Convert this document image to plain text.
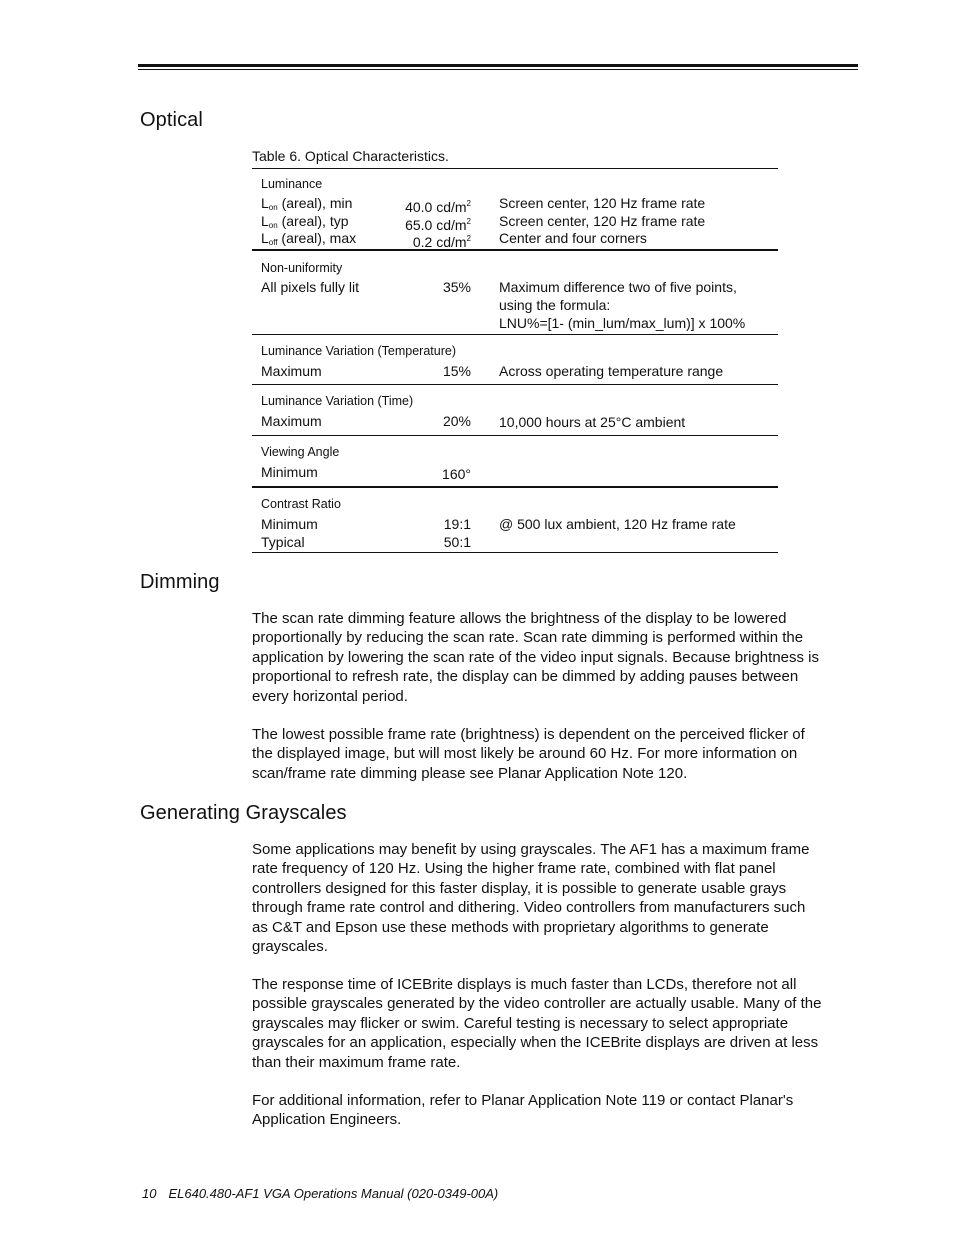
Optical
Table 6. Optical Characteristics.
Luminance
$L_{on}$ (areal), min	40.0 $cd/m^2$ Screen center, 120 Hz frame rate
$L_{on}$ (areal), typ	65.0 $cd/m^2$ Screen center, 120 Hz frame rate
$L_{off}$ (areal), max	0.2 $cd/m^2$ Center and four corners
Non-uniformity
All pixels fully lit	35% Maximum difference two of five points,
using the formula:
LNU%=[1- (min_lum/max_lum)] x 100%
Luminance Variation (Temperature)
Maximum	15% Across operating temperature range
Luminance Variation (Time)
Maximum	20% 10,000 hours at 25°C ambient
Viewing Angle
Minimum	160°
Contrast Ratio
Minimum	19:1 @ 500 lux ambient, 120 Hz frame rate
Typical	50:1
Dimming

The scan rate dimming feature allows the brightness of the display to be lowered proportionally by reducing the scan rate. Scan rate dimming is performed within the application by lowering the scan rate of the video input signals. Because brightness is proportional to refresh rate, the display can be dimmed by adding pauses between every horizontal period.

The lowest possible frame rate (brightness) is dependent on the perceived flicker of the displayed image, but will most likely be around 60 Hz. For more information on scan/frame rate dimming please see Planar Application Note 120.

Generating Grayscales

Some applications may benefit by using grayscales. The AF1 has a maximum frame rate frequency of 120 Hz. Using the higher frame rate, combined with flat panel controllers designed for this faster display, it is possible to generate usable grays through frame rate control and dithering. Video controllers from manufacturers such as C&T and Epson use these methods with proprietary algorithms to generate grayscales.

The response time of ICEBrite displays is much faster than LCDs, therefore not all possible grayscales generated by the video controller are actually usable. Many of the grayscales may flicker or swim. Careful testing is necessary to select appropriate grayscales for an application, especially when the ICEBrite displays are driven at less than their maximum frame rate.

For additional information, refer to Planar Application Note 119 or contact Planar's Application Engineers.

10 EL640.480-AF1 VGA Operations Manual (020-0349-00A)
